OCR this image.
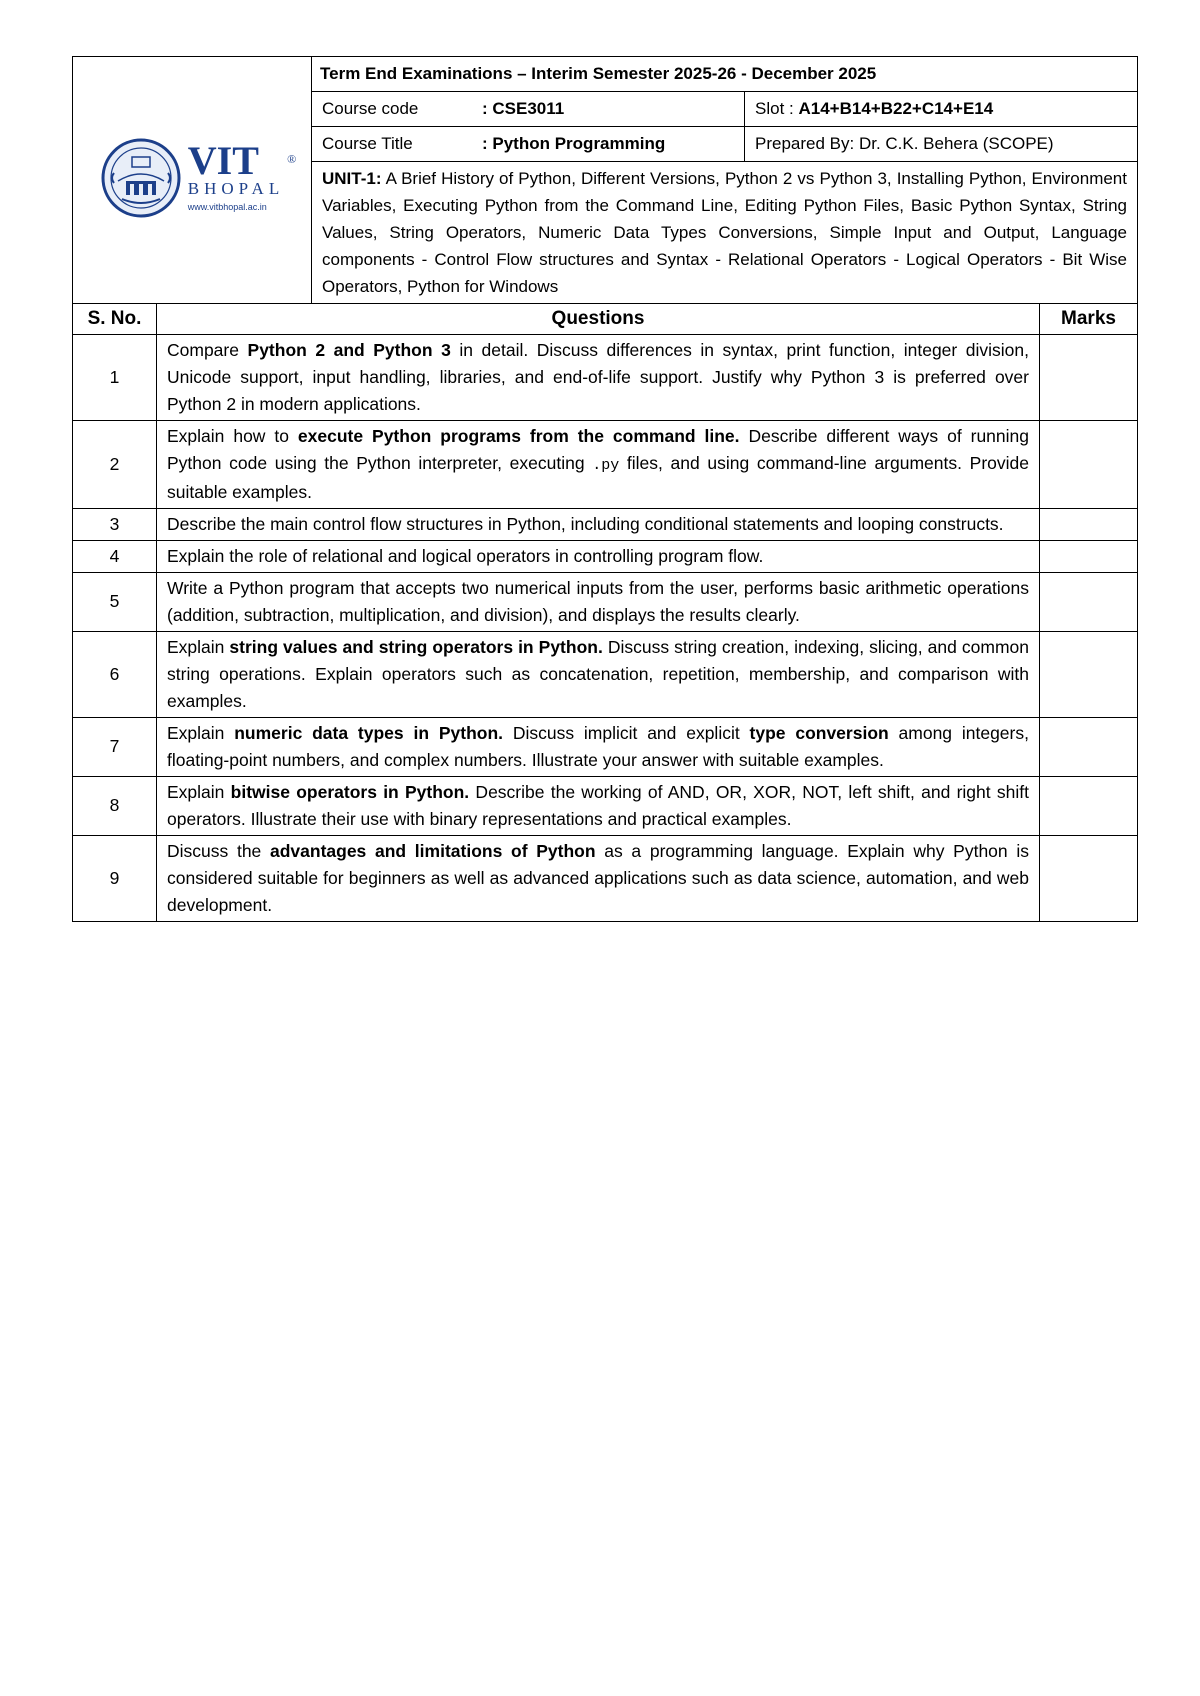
VIT ®
BHOPAL
www.vitbhopal.ac.in	Term End Examinations – Interim Semester 2025-26 - December 2025	
	Course code : CSE3011	Slot : A14+B14+B22+C14+E14
	Course Title : Python Programming	Prepared By: Dr. C.K. Behera (SCOPE)
	UNIT-1: A Brief History of Python, Different Versions, Python 2 vs Python 3, Installing Python, Environment Variables, Executing Python from the Command Line, Editing Python Files, Basic Python Syntax, String Values, String Operators, Numeric Data Types Conversions, Simple Input and Output, Language components - Control Flow structures and Syntax - Relational Operators - Logical Operators - Bit Wise Operators, Python for Windows	
S. No.	Questions	Marks
1	Compare Python 2 and Python 3 in detail. Discuss differences in syntax, print function, integer division, Unicode support, input handling, libraries, and end-of-life support. Justify why Python 3 is preferred over Python 2 in modern applications.	
2	Explain how to execute Python programs from the command line. Describe different ways of running Python code using the Python interpreter, executing .py files, and using command-line arguments. Provide suitable examples.	
3	Describe the main control flow structures in Python, including conditional statements and looping constructs.	
4	Explain the role of relational and logical operators in controlling program flow.	
5	Write a Python program that accepts two numerical inputs from the user, performs basic arithmetic operations (addition, subtraction, multiplication, and division), and displays the results clearly.	
6	Explain string values and string operators in Python. Discuss string creation, indexing, slicing, and common string operations. Explain operators such as concatenation, repetition, membership, and comparison with examples.	
7	Explain numeric data types in Python. Discuss implicit and explicit type conversion among integers, floating-point numbers, and complex numbers. Illustrate your answer with suitable examples.	
8	Explain bitwise operators in Python. Describe the working of AND, OR, XOR, NOT, left shift, and right shift operators. Illustrate their use with binary representations and practical examples.	
9	Discuss the advantages and limitations of Python as a programming language. Explain why Python is considered suitable for beginners as well as advanced applications such as data science, automation, and web development.	
